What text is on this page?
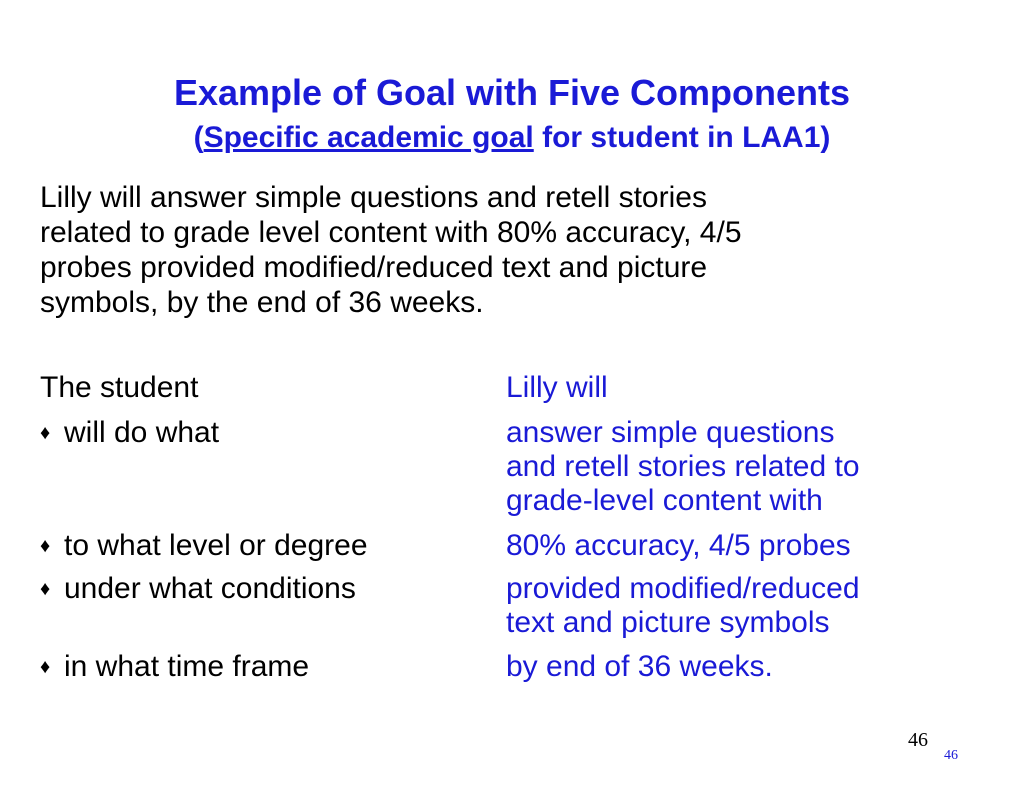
Example of Goal with Five Components
(Specific academic goal for student in LAA1)
Lilly will answer simple questions and retell stories
related to grade level content with 80% accuracy, 4/5
probes provided modified/reduced text and picture
symbols, by the end of 36 weeks.
The student	Lilly will
♦ will do what	answer simple questions
and retell stories related to
grade-level content with
♦ to what level or degree	80% accuracy, 4/5 probes
♦ under what conditions	provided modified/reduced
text and picture symbols
♦ in what time frame	by end of 36 weeks.
46
46
